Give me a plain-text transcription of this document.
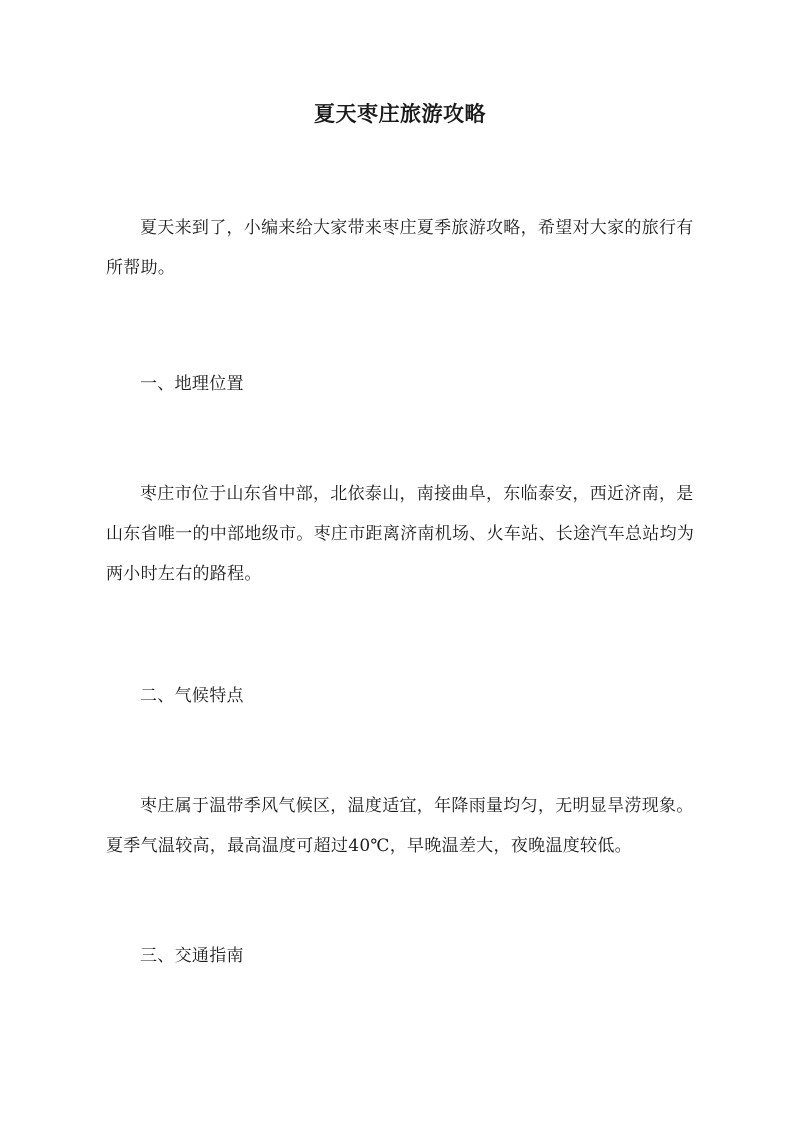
夏天枣庄旅游攻略

夏天来到了，小编来给大家带来枣庄夏季旅游攻略，希望对大家的旅行有所帮助。

一、地理位置

枣庄市位于山东省中部，北依泰山，南接曲阜，东临泰安，西近济南，是山东省唯一的中部地级市。枣庄市距离济南机场、火车站、长途汽车总站均为两小时左右的路程。

二、气候特点

枣庄属于温带季风气候区，温度适宜，年降雨量均匀，无明显旱涝现象。夏季气温较高，最高温度可超过40℃，早晚温差大，夜晚温度较低。

三、交通指南
